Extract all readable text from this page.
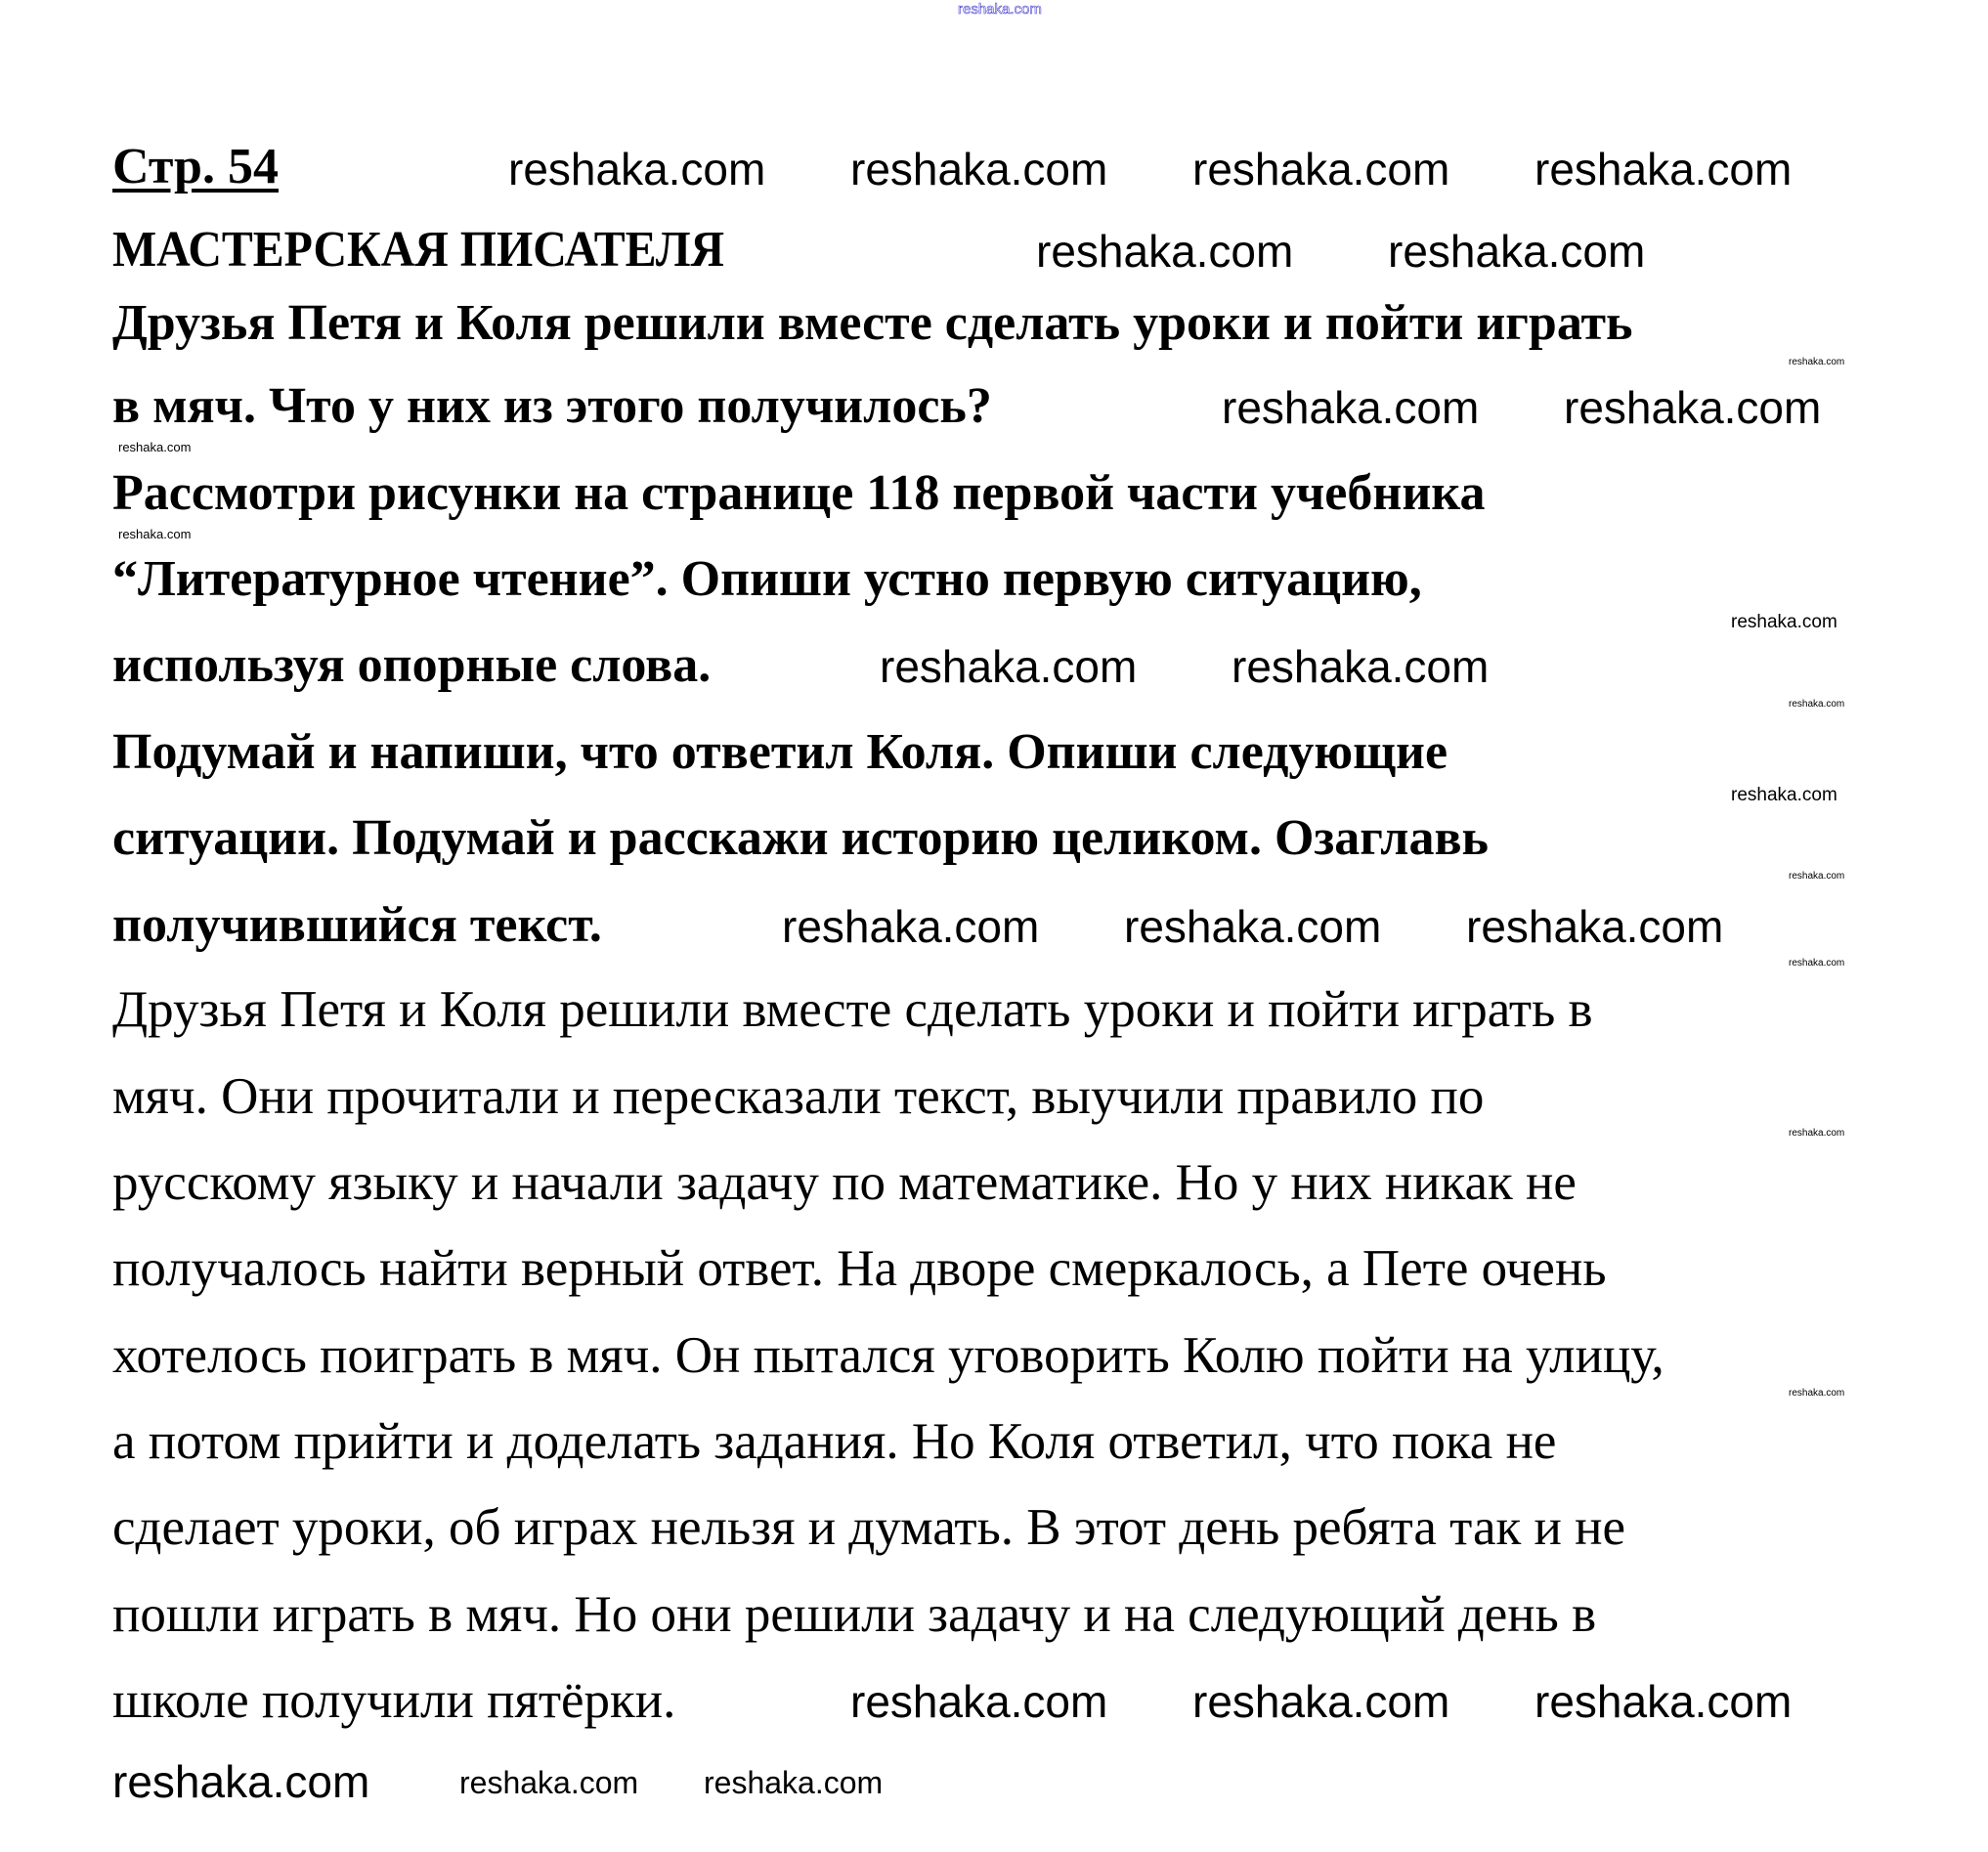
reshaka.com
Стр. 54
МАСТЕРСКАЯ ПИСАТЕЛЯ
Друзья Петя и Коля решили вместе сделать уроки и пойти играть
в мяч. Что у них из этого получилось?
Рассмотри рисунки на странице 118 первой части учебника
“Литературное чтение”. Опиши устно первую ситуацию,
используя опорные слова.
Подумай и напиши, что ответил Коля. Опиши следующие
ситуации. Подумай и расскажи историю целиком. Озаглавь
получившийся текст.
Друзья Петя и Коля решили вместе сделать уроки и пойти играть в
мяч. Они прочитали и пересказали текст, выучили правило по
русскому языку и начали задачу по математике. Но у них никак не
получалось найти верный ответ. На дворе смеркалось, а Пете очень
хотелось поиграть в мяч. Он пытался уговорить Колю пойти на улицу,
а потом прийти и доделать задания. Но Коля ответил, что пока не
сделает уроки, об играх нельзя и думать. В этот день ребята так и не
пошли играть в мяч. Но они решили задачу и на следующий день в
школе получили пятёрки.
reshaka.com reshaka.com reshaka.com reshaka.com
reshaka.com reshaka.com
reshaka.com reshaka.com
reshaka.com reshaka.com
reshaka.com reshaka.com reshaka.com
reshaka.com reshaka.com reshaka.com
reshaka.com	reshaka.com reshaka.com
reshaka.com
reshaka.com
reshaka.com
reshaka.com
reshaka.com
reshaka.com
reshaka.com
reshaka.com
reshaka.com
reshaka.com
